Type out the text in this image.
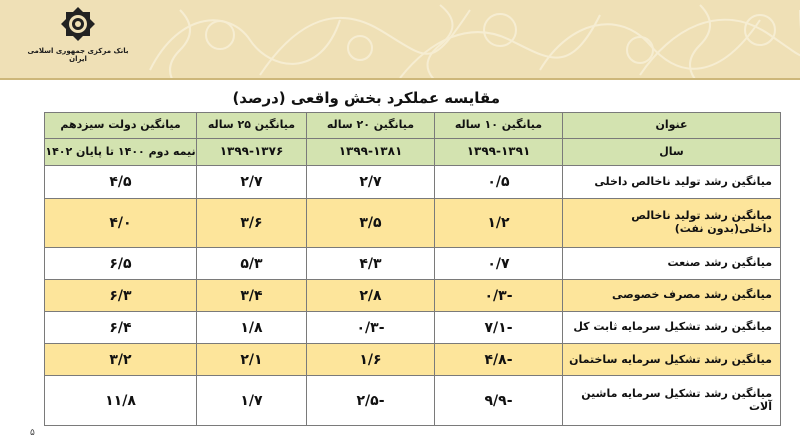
بانک مرکزی جمهوری اسلامی ایران
مقایسه عملکرد بخش واقعی (درصد)
عنوان	میانگین ۱۰ ساله	میانگین ۲۰ ساله	میانگین ۲۵ ساله	میانگین دولت سیزدهم
سال	۱۳۹۹-۱۳۹۱	۱۳۹۹-۱۳۸۱	۱۳۹۹-۱۳۷۶	نیمه دوم ۱۴۰۰ تا پایان ۱۴۰۲
میانگین رشد تولید ناخالص داخلی	۰/۵	۲/۷	۲/۷	۴/۵
میانگین رشد تولید ناخالص داخلی(بدون نفت)	۱/۲	۳/۵	۳/۶	۴/۰
میانگین رشد صنعت	۰/۷	۴/۳	۵/۳	۶/۵
میانگین رشد مصرف خصوصی	-۰/۳	۲/۸	۳/۴	۶/۳
میانگین رشد تشکیل سرمایه ثابت کل	-۷/۱	-۰/۳	۱/۸	۶/۴
میانگین رشد تشکیل سرمایه ساختمان	-۴/۸	۱/۶	۲/۱	۳/۲
میانگین رشد تشکیل سرمایه ماشین آلات	-۹/۹	-۲/۵	۱/۷	۱۱/۸
۵
